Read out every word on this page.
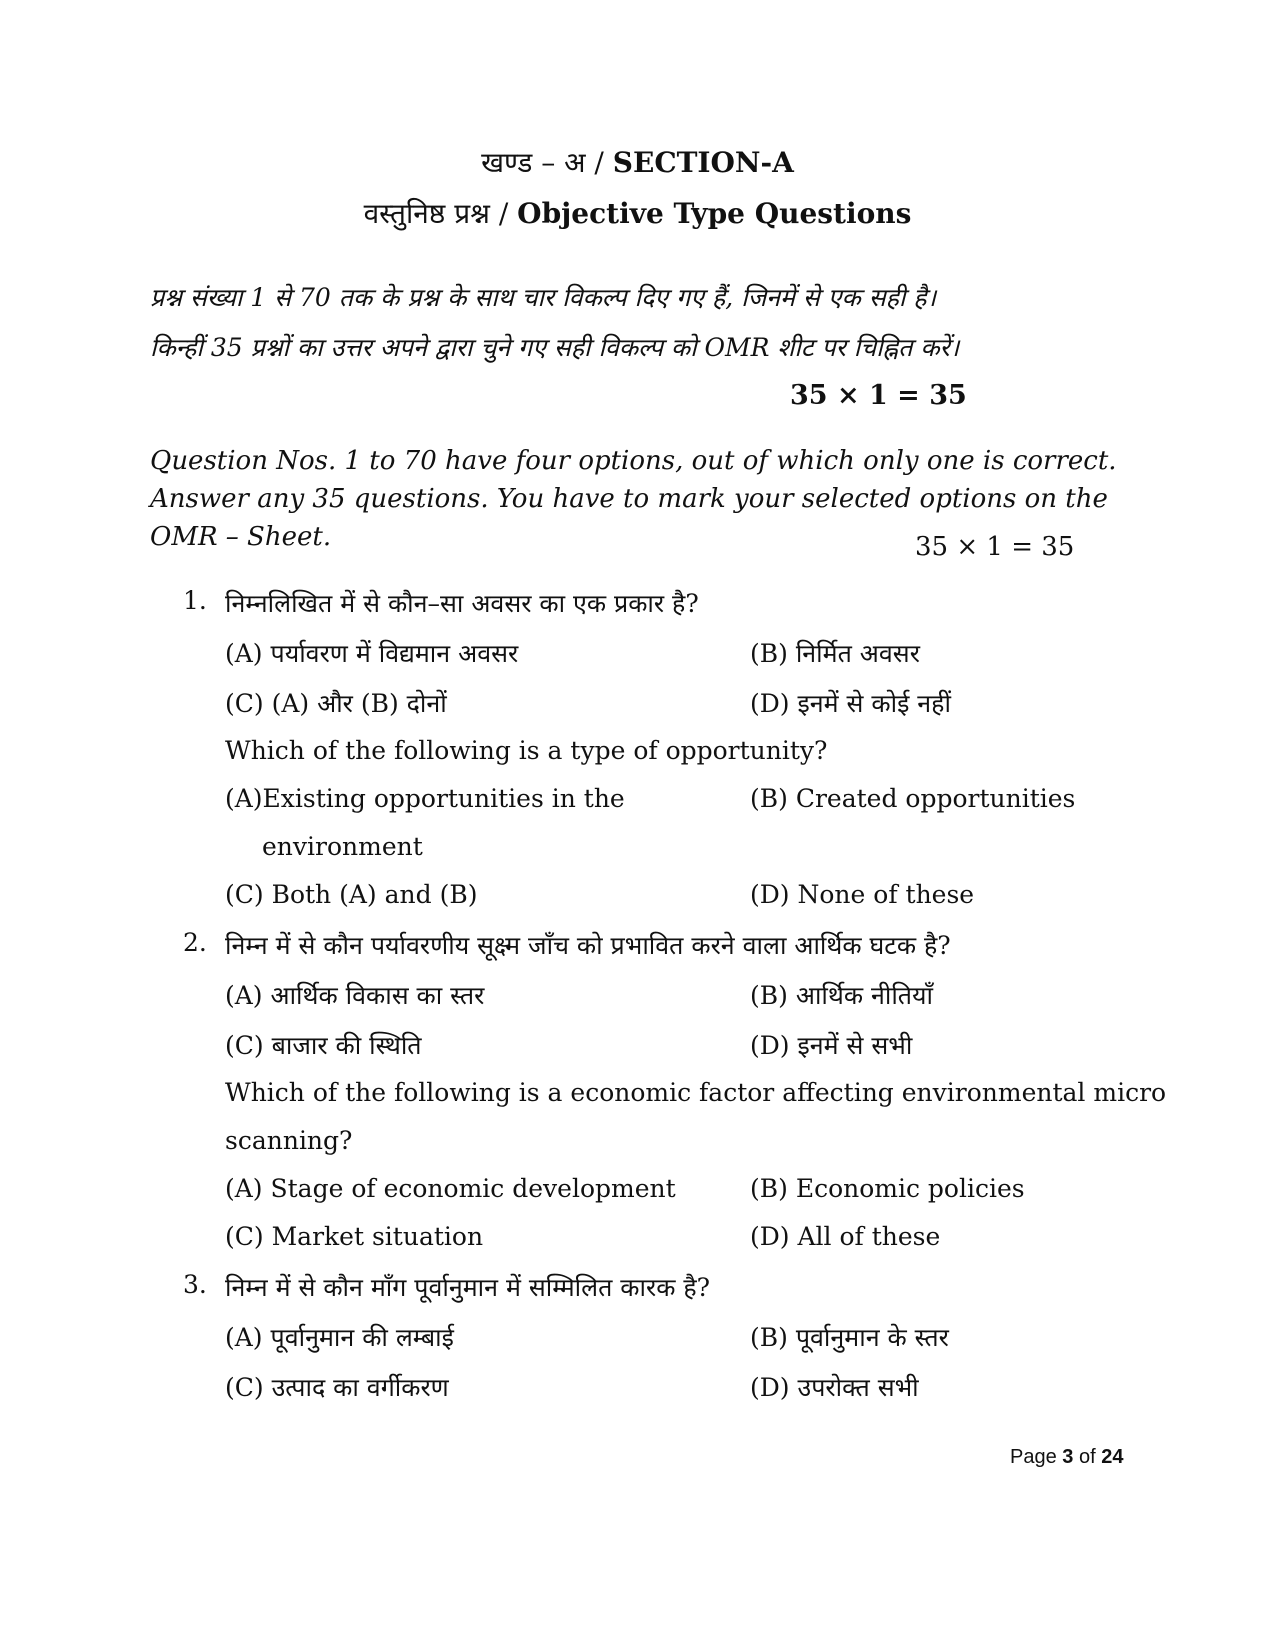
खण्ड – अ / SECTION-A
वस्तुनिष्ठ प्रश्न / Objective Type Questions
प्रश्न संख्या 1 से 70 तक के प्रश्न के साथ चार विकल्प दिए गए हैं, जिनमें से एक सही है।
किन्हीं 35 प्रश्नों का उत्तर अपने द्वारा चुने गए सही विकल्प को OMR शीट पर चिह्नित करें।
35 × 1 = 35
Question Nos. 1 to 70 have four options, out of which only one is correct. Answer any 35 questions. You have to mark your selected options on the OMR – Sheet.	35 × 1 = 35
1. निम्नलिखित में से कौन–सा अवसर का एक प्रकार है?
(A) पर्यावरण में विद्यमान अवसर	(B) निर्मित अवसर
(C) (A) और (B) दोनों	(D) इनमें से कोई नहीं
Which of the following is a type of opportunity?
(A)Existing opportunities in the
environment
(B) Created opportunities
(C) Both (A) and (B)	(D) None of these
2. निम्न में से कौन पर्यावरणीय सूक्ष्म जाँच को प्रभावित करने वाला आर्थिक घटक है?
(A) आर्थिक विकास का स्तर	(B) आर्थिक नीतियाँ
(C) बाजार की स्थिति	(D) इनमें से सभी
Which of the following is a economic factor affecting environmental micro
scanning?
(A) Stage of economic development	(B) Economic policies
(C) Market situation	(D) All of these
3. निम्न में से कौन माँग पूर्वानुमान में सम्मिलित कारक है?
(A) पूर्वानुमान की लम्बाई	(B) पूर्वानुमान के स्तर
(C) उत्पाद का वर्गीकरण	(D) उपरोक्त सभी
Page 3 of 24
